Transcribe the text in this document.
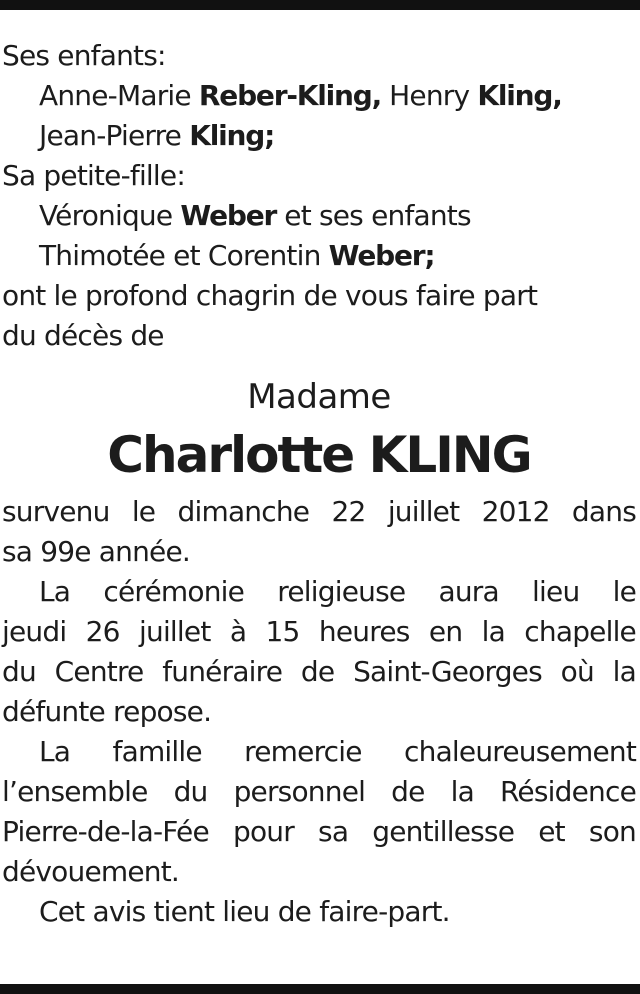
Ses enfants:
Anne-Marie Reber-Kling, Henry Kling,
Jean-Pierre Kling;
Sa petite-fille:
Véronique Weber et ses enfants
Thimotée et Corentin Weber;
ont le profond chagrin de vous faire part
du décès de
Madame
Charlotte KLING
survenu le dimanche 22 juillet 2012 dans
sa 99e année.
La cérémonie religieuse aura lieu le
jeudi 26 juillet à 15 heures en la chapelle
du Centre funéraire de Saint-Georges où la
défunte repose.
La famille remercie chaleureusement
l’ensemble du personnel de la Résidence
Pierre-de-la-Fée pour sa gentillesse et son
dévouement.
Cet avis tient lieu de faire-part.
